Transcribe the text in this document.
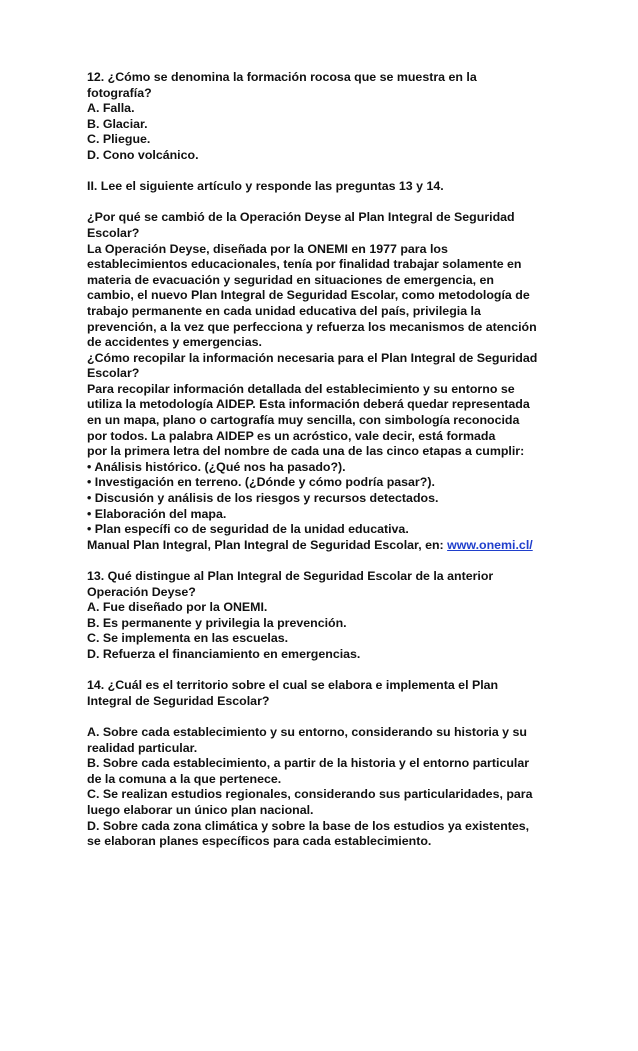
12. ¿Cómo se denomina la formación rocosa que se muestra en la
fotografía?
A. Falla.
B. Glaciar.
C. Pliegue.
D. Cono volcánico.
II. Lee el siguiente artículo y responde las preguntas 13 y 14.
¿Por qué se cambió de la Operación Deyse al Plan Integral de Seguridad
Escolar?
La Operación Deyse, diseñada por la ONEMI en 1977 para los
establecimientos educacionales, tenía por finalidad trabajar solamente en
materia de evacuación y seguridad en situaciones de emergencia, en
cambio, el nuevo Plan Integral de Seguridad Escolar, como metodología de
trabajo permanente en cada unidad educativa del país, privilegia la
prevención, a la vez que perfecciona y refuerza los mecanismos de atención
de accidentes y emergencias.
¿Cómo recopilar la información necesaria para el Plan Integral de Seguridad
Escolar?
Para recopilar información detallada del establecimiento y su entorno se
utiliza la metodología AIDEP. Esta información deberá quedar representada
en un mapa, plano o cartografía muy sencilla, con simbología reconocida
por todos. La palabra AIDEP es un acróstico, vale decir, está formada
por la primera letra del nombre de cada una de las cinco etapas a cumplir:
• Análisis histórico. (¿Qué nos ha pasado?).
• Investigación en terreno. (¿Dónde y cómo podría pasar?).
• Discusión y análisis de los riesgos y recursos detectados.
• Elaboración del mapa.
• Plan específi co de seguridad de la unidad educativa.
Manual Plan Integral, Plan Integral de Seguridad Escolar, en: www.onemi.cl/
13. Qué distingue al Plan Integral de Seguridad Escolar de la anterior
Operación Deyse?
A. Fue diseñado por la ONEMI.
B. Es permanente y privilegia la prevención.
C. Se implementa en las escuelas.
D. Refuerza el financiamiento en emergencias.
14. ¿Cuál es el territorio sobre el cual se elabora e implementa el Plan
Integral de Seguridad Escolar?
A. Sobre cada establecimiento y su entorno, considerando su historia y su
realidad particular.
B. Sobre cada establecimiento, a partir de la historia y el entorno particular
de la comuna a la que pertenece.
C. Se realizan estudios regionales, considerando sus particularidades, para
luego elaborar un único plan nacional.
D. Sobre cada zona climática y sobre la base de los estudios ya existentes,
se elaboran planes específicos para cada establecimiento.
